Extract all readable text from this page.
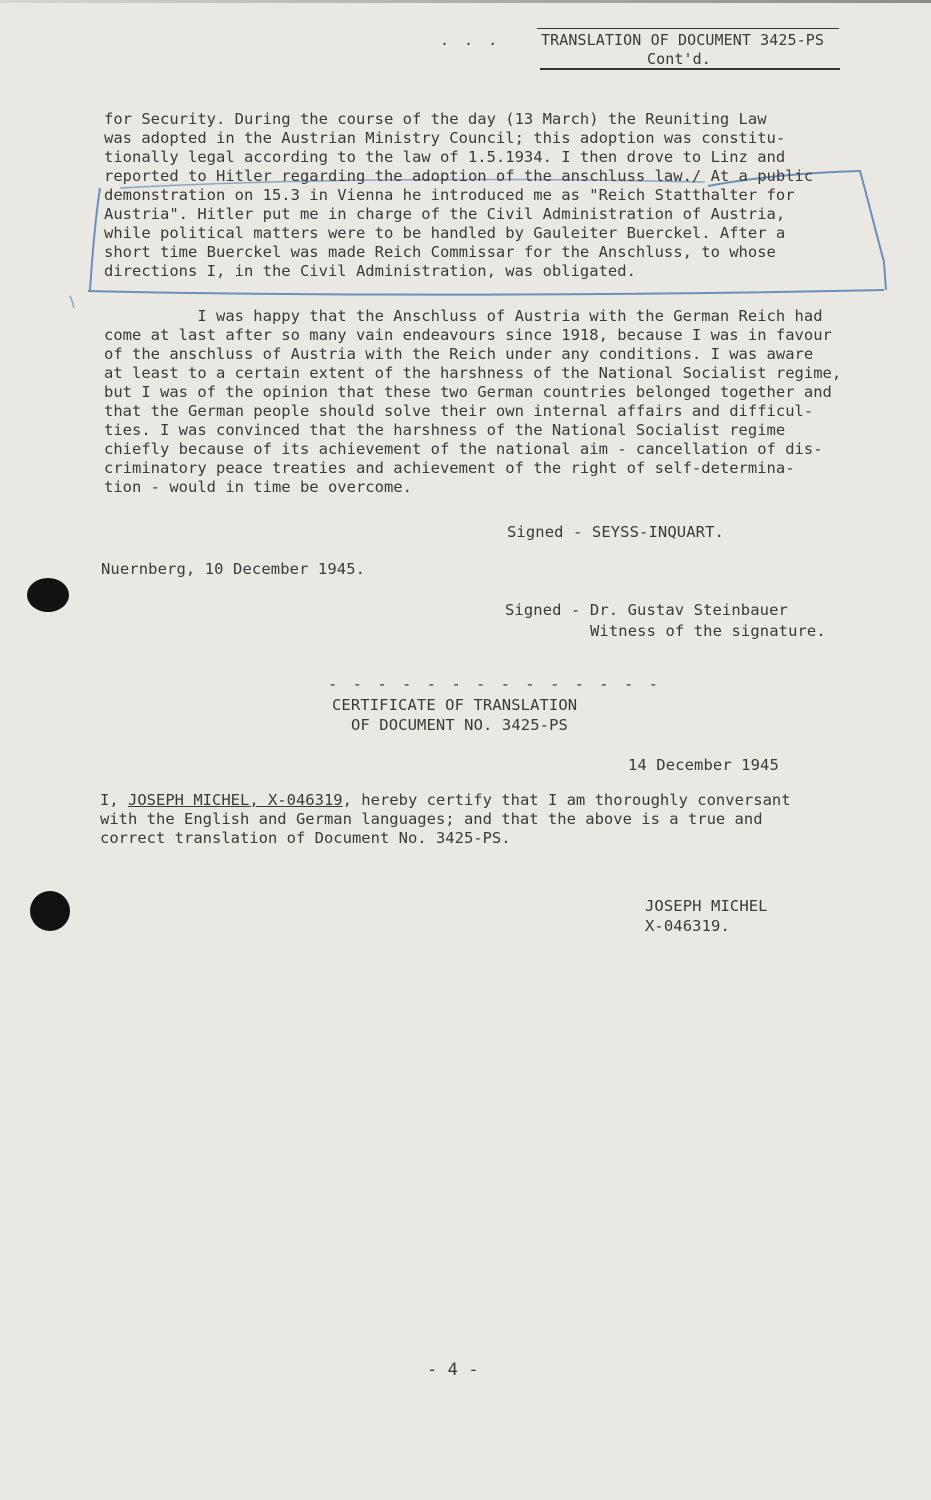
. . .	TRANSLATION OF DOCUMENT 3425-PS
Cont'd.
for Security. During the course of the day (13 March) the Reuniting Law
was adopted in the Austrian Ministry Council; this adoption was constitu-
tionally legal according to the law of 1.5.1934. I then drove to Linz and
reported to Hitler regarding the adoption of the anschluss law./ At a public
demonstration on 15.3 in Vienna he introduced me as "Reich Statthalter for
Austria". Hitler put me in charge of the Civil Administration of Austria,
while political matters were to be handled by Gauleiter Buerckel. After a
short time Buerckel was made Reich Commissar for the Anschluss, to whose
directions I, in the Civil Administration, was obligated.
I was happy that the Anschluss of Austria with the German Reich had
come at last after so many vain endeavours since 1918, because I was in favour
of the anschluss of Austria with the Reich under any conditions. I was aware
at least to a certain extent of the harshness of the National Socialist regime,
but I was of the opinion that these two German countries belonged together and
that the German people should solve their own internal affairs and difficul-
ties. I was convinced that the harshness of the National Socialist regime
chiefly because of its achievement of the national aim - cancellation of dis-
criminatory peace treaties and achievement of the right of self-determina-
tion - would in time be overcome.
Signed - SEYSS-INQUART.
Nuernberg, 10 December 1945.
Signed - Dr. Gustav Steinbauer
Witness of the signature.
- - - - - - - - - - - - - -
CERTIFICATE OF TRANSLATION
OF DOCUMENT NO. 3425-PS
14 December 1945
I, JOSEPH MICHEL, X-046319, hereby certify that I am thoroughly conversant
with the English and German languages; and that the above is a true and
correct translation of Document No. 3425-PS.
JOSEPH MICHEL
X-046319.
- 4 -
